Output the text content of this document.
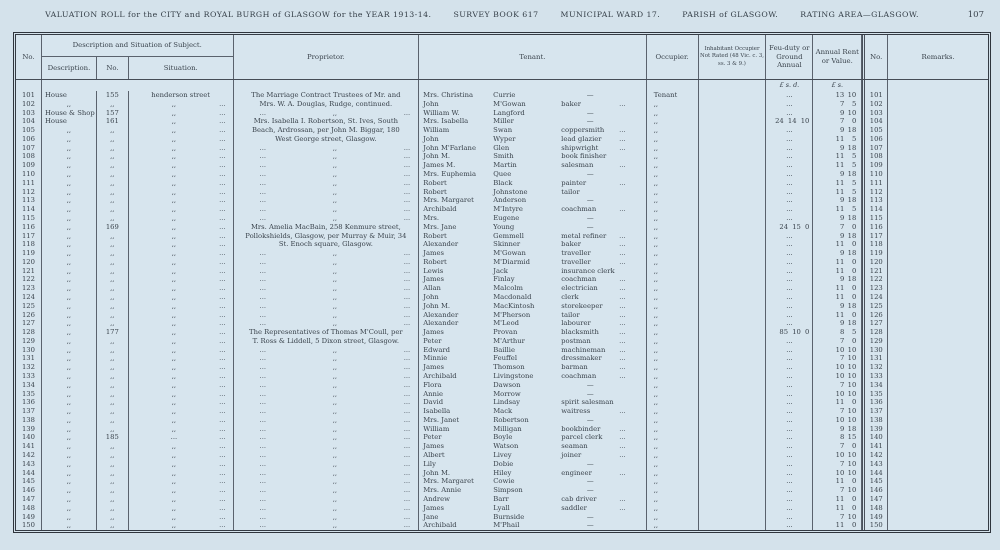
VALUATION ROLL for the CITY and ROYAL BURGH of GLASGOW for the YEAR 1913-14.	SURVEY BOOK 617	MUNICIPAL WARD 17.	PARISH of GLASGOW.	RATING AREA—GLASGOW.	107
No.
Description and Situation of Subject.
Description.	No.	Situation.
Proprietor.	Tenant.	Occupier.
Inhabitant Occupier Not Rated (48 Vic. c. 3, ss. 3 & 9.)
Feu-duty or Ground Annual
Annual Rent or Value.
No.	Remarks.
£ s. d.	£ s.
101	House	155	henderson street	The Marriage Contract Trustees of Mr. and	Mrs. Christina	Currie	—	Tenant	...	13 10	101
102	,,	,,	,,	...	Mrs. W. A. Douglas, Rudge, continued.	John	M'Gowan	baker	...	,,	...	7	5	102
103	House & Shop	157	,,	...	...	,,	...	William W.	Langford	—	,,	...	9 10	103
104	House	161	,,	...	Mrs. Isabella I. Robertson, St. Ives, South	Mrs. Isabella	Miller	—	,,	24 14 10	7	0	104
105	,,	,,	,,	...	Beach, Ardrossan, per John M. Biggar, 180	William	Swan	coppersmith	...	,,	...	9 18	105
106	,,	,,	,,	...	West George street, Glasgow.	John	Wyper	lead glazier	...	,,	...	11	5	106
107	,,	,,	,,	...	...	,,	...	John M'Farlane	Glen	shipwright	...	,,	...	9 18	107
108	,,	,,	,,	...	...	,,	...	John M.	Smith	book finisher	,,	...	11	5	108
109	,,	,,	,,	...	...	,,	...	James M.	Martin	salesman	...	,,	...	11	5	109
110	,,	,,	,,	...	...	,,	...	Mrs. Euphemia	Quee	—	,,	...	9 18	110
111	,,	,,	,,	...	...	,,	...	Robert	Black	painter	...	,,	...	11	5	111
112	,,	,,	,,	...	...	,,	...	Robert	Johnstone	tailor	,,	...	11	5	112
113	,,	,,	,,	...	...	,,	...	Mrs. Margaret	Anderson	—	,,	...	9 18	113
114	,,	,,	,,	...	...	,,	...	Archibald	M'Intyre	coachman	...	,,	...	11	5	114
115	,,	,,	,,	...	...	,,	...	Mrs.	Eugene	—	,,	...	9 18	115
116	,,	169	,,	...	Mrs. Amelia MacBain, 258 Kenmure street,	Mrs. Jane	Young	—	,,	24 15 0	7	0	116
117	,,	,,	,,	...	Pollokshields, Glasgow, per Murray & Muir, 34	Robert	Gemmell	metal refiner	...	,,	...	9 18	117
118	,,	,,	,,	...	St. Enoch square, Glasgow.	Alexander	Skinner	baker	...	,,	...	11	0	118
119	,,	,,	,,	...	...	,,	...	James	M'Gowan	traveller	...	,,	...	9 18	119
120	,,	,,	,,	...	...	,,	...	Robert	M'Diarmid	traveller	...	,,	...	11	0	120
121	,,	,,	,,	...	...	,,	...	Lewis	Jack	insurance clerk	,,	...	11	0	121
122	,,	,,	,,	...	...	,,	...	James	Finlay	coachman	...	,,	...	9 18	122
123	,,	,,	,,	...	...	,,	...	Allan	Malcolm	electrician	...	,,	...	11	0	123
124	,,	,,	,,	...	...	,,	...	John	Macdonald	clerk	...	,,	...	11	0	124
125	,,	,,	,,	...	...	,,	...	John M.	MacKintosh	storekeeper	...	,,	...	9 18	125
126	,,	,,	,,	...	...	,,	...	Alexander	M'Pherson	tailor	...	,,	...	11	0	126
127	,,	,,	,,	...	...	,,	...	Alexander	M'Leod	labourer	...	,,	...	9 18	127
128	,,	177	,,	...	The Representatives of Thomas M'Coull, per	James	Provan	blacksmith	...	,,	85 10 0	8	5	128
129	,,	,,	,,	...	T. Ross & Liddell, 5 Dixon street, Glasgow.	Peter	M'Arthur	postman	...	,,	...	7	0	129
130	,,	,,	,,	...	...	,,	...	Edward	Baillie	machineman	...	,,	...	10 10	130
131	,,	,,	,,	...	...	,,	...	Minnie	Feuffel	dressmaker	...	,,	...	7 10	131
132	,,	,,	,,	...	...	,,	...	James	Thomson	barman	...	,,	...	10 10	132
133	,,	,,	,,	...	...	,,	...	Archibald	Livingstone	coachman	...	,,	...	10 10	133
134	,,	,,	,,	...	...	,,	...	Flora	Dawson	—	,,	...	7 10	134
135	,,	,,	,,	...	...	,,	...	Annie	Morrow	—	,,	...	10 10	135
136	,,	,,	,,	...	...	,,	...	David	Lindsay	spirit salesman	,,	...	11	0	136
137	,,	,,	,,	...	...	,,	...	Isabella	Mack	waitress	...	,,	...	7 10	137
138	,,	,,	,,	...	...	,,	...	Mrs. Janet	Robertson	—	,,	...	10 10	138
139	,,	,,	,,	...	...	,,	...	William	Milligan	bookbinder	...	,,	...	9 18	139
140	,,	185	...	...	...	,,	...	Peter	Boyle	parcel clerk	...	,,	...	8 15	140
141	,,	,,	,,	...	...	,,	...	James	Watson	seaman	...	,,	...	7	0	141
142	,,	,,	,,	...	...	,,	...	Albert	Livey	joiner	...	,,	...	10 10	142
143	,,	,,	,,	...	...	,,	...	Lily	Dobie	—	,,	...	7 10	143
144	,,	,,	,,	...	...	,,	...	John M.	Hiley	engineer	...	,,	...	10 10	144
145	,,	,,	,,	...	...	,,	...	Mrs. Margaret	Cowie	—	,,	...	11	0	145
146	,,	,,	,,	...	...	,,	...	Mrs. Annie	Simpson	—	,,	...	7 10	146
147	,,	,,	,,	...	...	,,	...	Andrew	Barr	cab driver	...	,,	...	11	0	147
148	,,	,,	,,	...	...	,,	...	James	Lyall	saddler	...	,,	...	11	0	148
149	,,	,,	,,	...	...	,,	...	Jane	Burnside	—	,,	...	7 10	149
150	,,	,,	,,	...	...	,,	...	Archibald	M'Phail	—	,,	...	11	0	150
